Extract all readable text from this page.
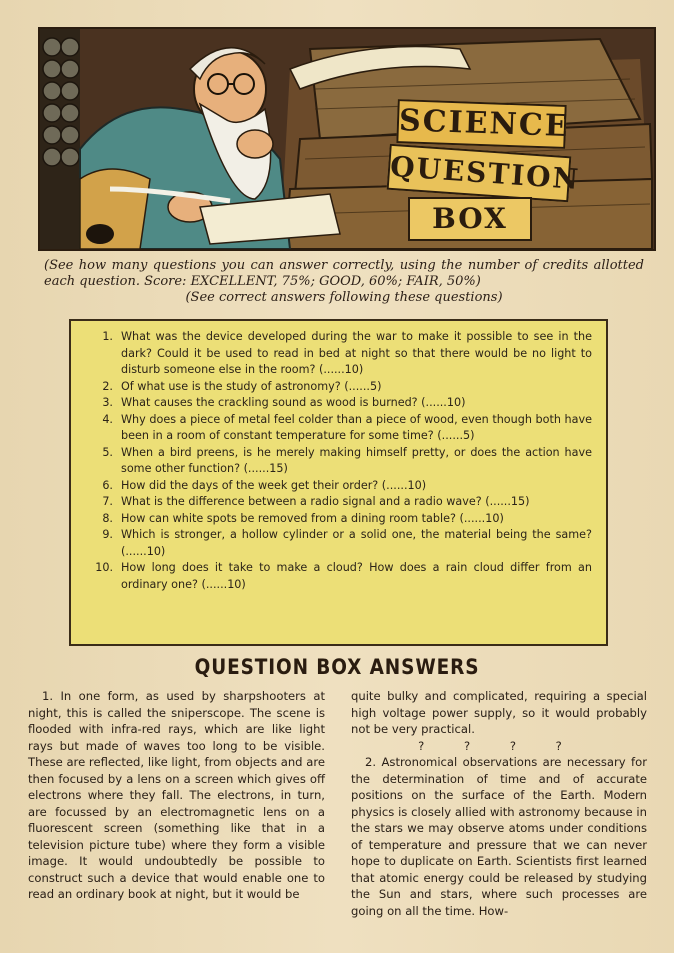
SCIENCE
QUESTION
BOX
(See how many questions you can answer correctly, using the number of credits allotted each question. Score: EXCELLENT, 75%; GOOD, 60%; FAIR, 50%)
(See correct answers following these questions)
1. What was the device developed during the war to make it possible to see in the dark? Could it be used to read in bed at night so that there would be no light to disturb someone else in the room? (......10)
2. Of what use is the study of astronomy? (......5)
3. What causes the crackling sound as wood is burned? (......10)
4. Why does a piece of metal feel colder than a piece of wood, even though both have been in a room of constant temperature for some time? (......5)
5. When a bird preens, is he merely making himself pretty, or does the action have some other function? (......15)
6. How did the days of the week get their order? (......10)
7. What is the difference between a radio signal and a radio wave? (......15)
8. How can white spots be removed from a dining room table? (......10)
9. Which is stronger, a hollow cylinder or a solid one, the material being the same? (......10)
10. How long does it take to make a cloud? How does a rain cloud differ from an ordinary one? (......10)
QUESTION BOX ANSWERS

1. In one form, as used by sharpshooters at night, this is called the sniperscope. The scene is flooded with infra-red rays, which are like light rays but made of waves too long to be visible. These are reflected, like light, from objects and are then focused by a lens on a screen which gives off electrons where they fall. The electrons, in turn, are focussed by an electromagnetic lens on a fluorescent screen (something like that in a television picture tube) where they form a visible image. It would undoubtedly be possible to construct such a device that would enable one to read an ordinary book at night, but it would be

quite bulky and complicated, requiring a special high voltage power supply, so it would probably not be very practical.

? ? ? ?

2. Astronomical observations are necessary for the determination of time and of accurate positions on the surface of the Earth. Modern physics is closely allied with astronomy because in the stars we may observe atoms under conditions of temperature and pressure that we can never hope to duplicate on Earth. Scientists first learned that atomic energy could be released by studying the Sun and stars, where such processes are going on all the time. How-
